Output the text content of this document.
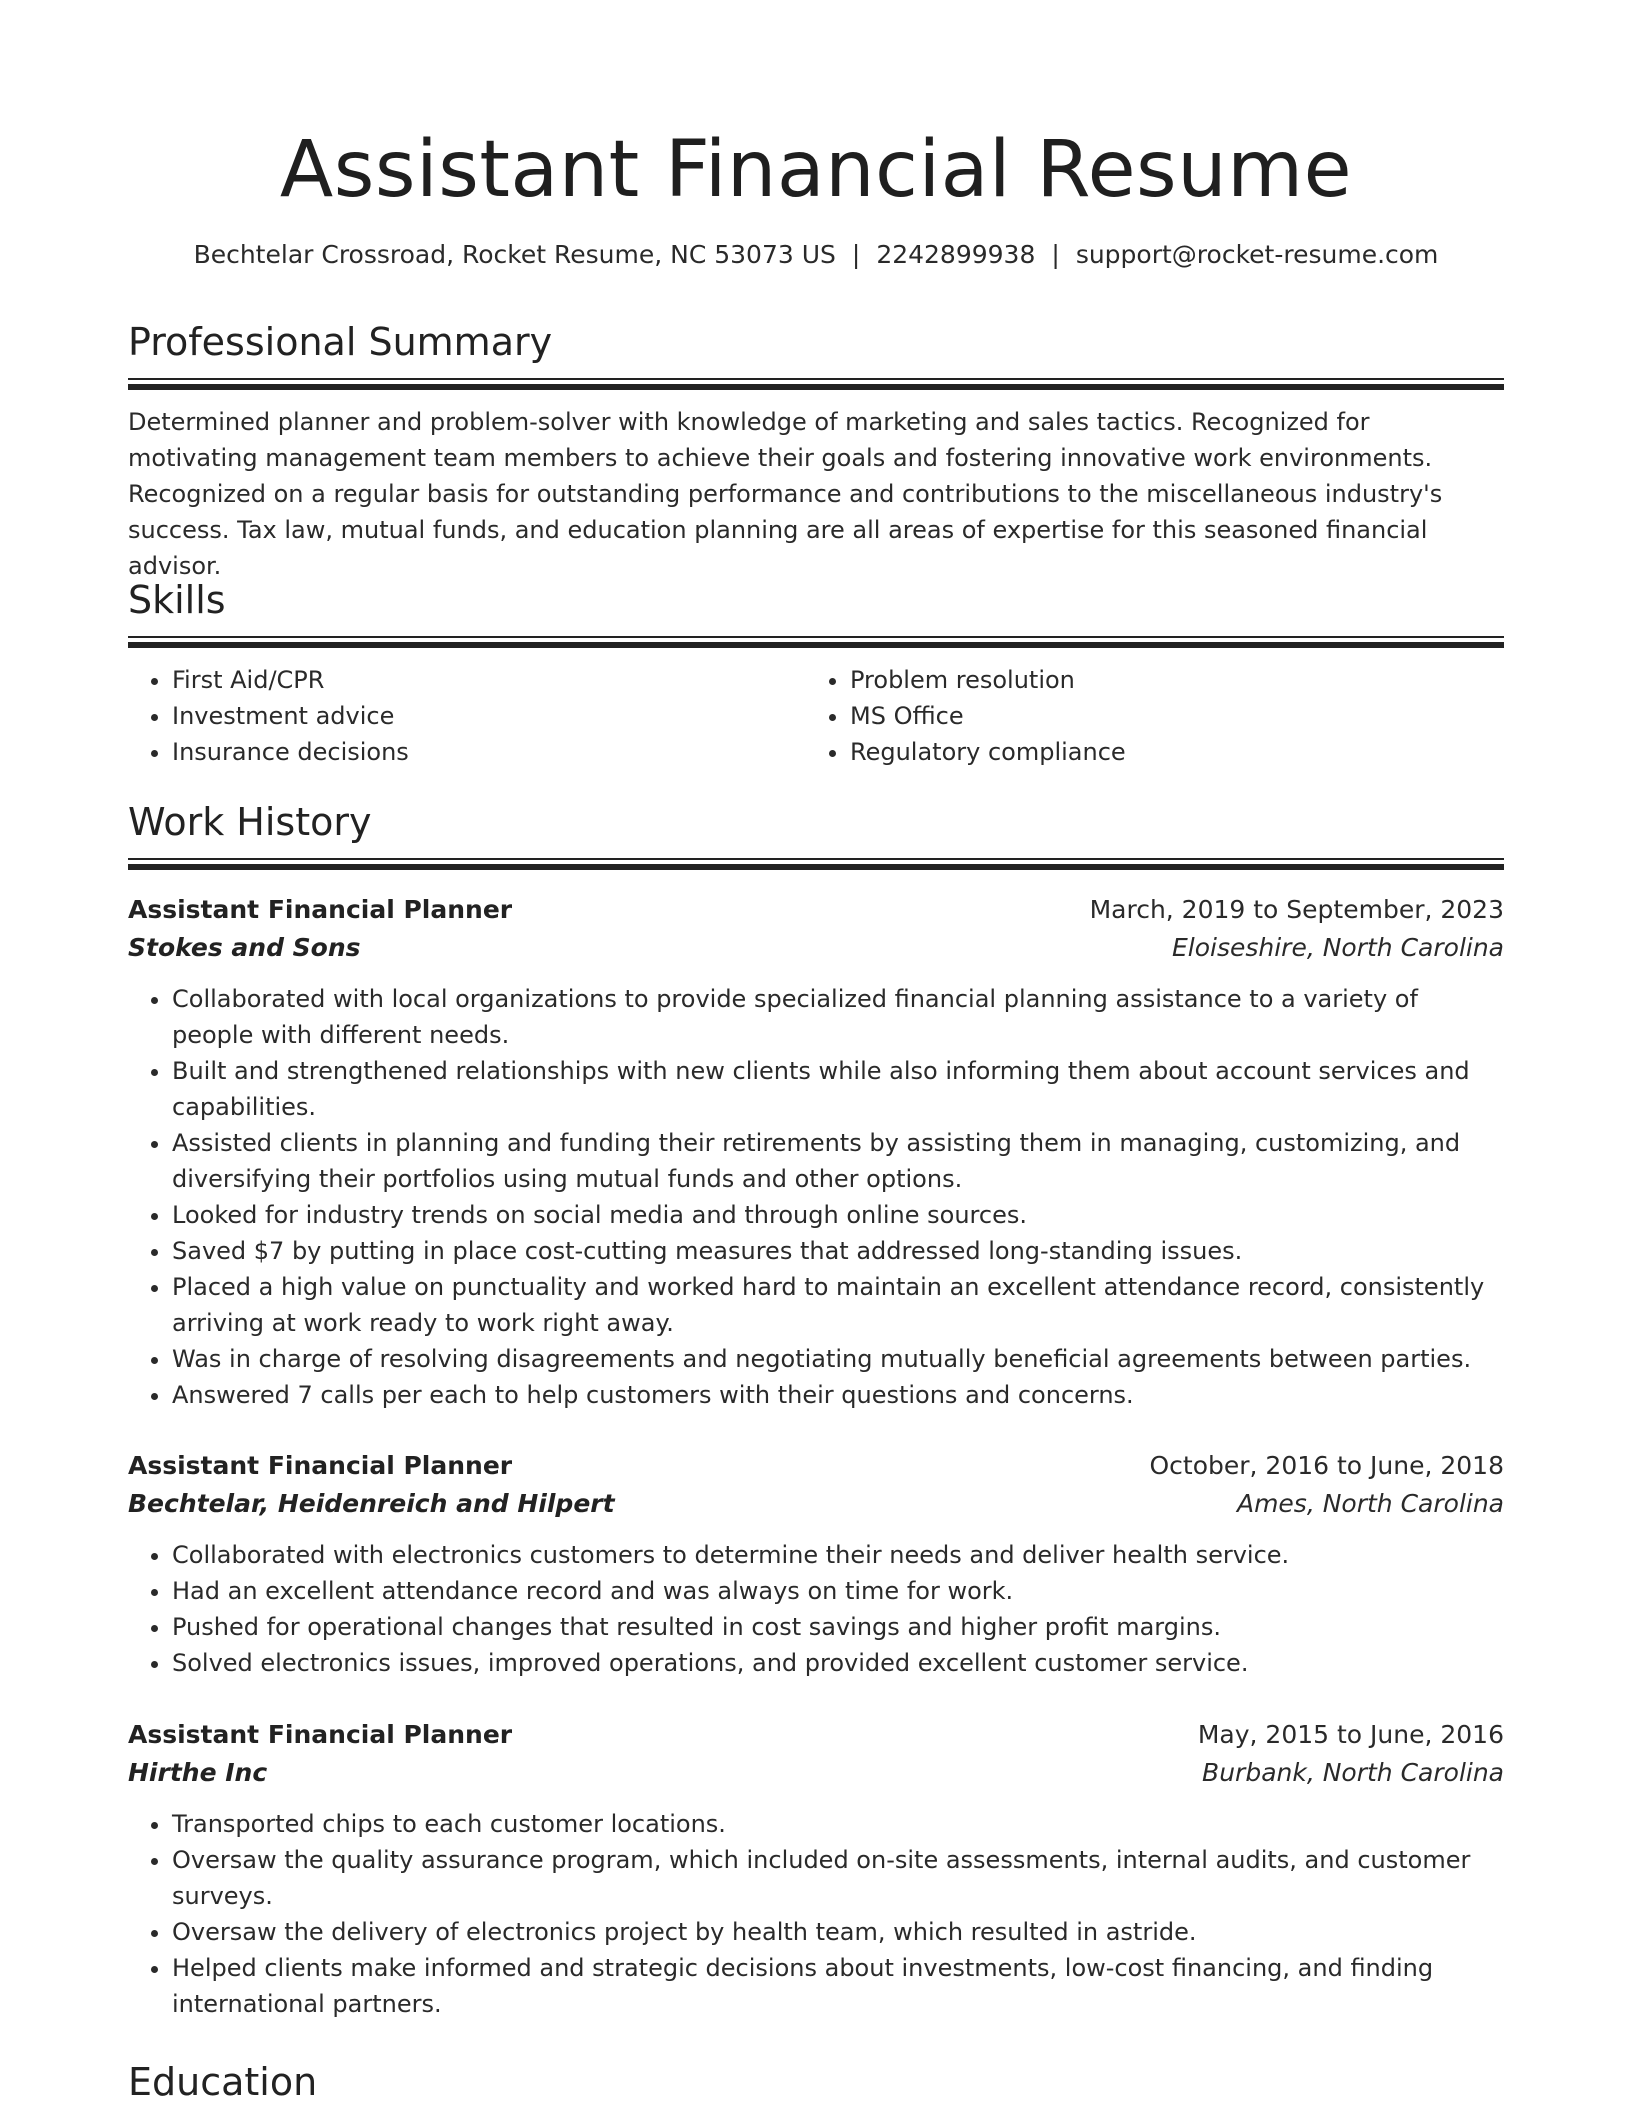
Assistant Financial Resume
Bechtelar Crossroad, Rocket Resume, NC 53073 US | 2242899938 | support@rocket-resume.com
Professional Summary
Determined planner and problem-solver with knowledge of marketing and sales tactics. Recognized for motivating management team members to achieve their goals and fostering innovative work environments. Recognized on a regular basis for outstanding performance and contributions to the miscellaneous industry's success. Tax law, mutual funds, and education planning are all areas of expertise for this seasoned financial advisor.
Skills
• First Aid/CPR
• Investment advice
• Insurance decisions
• Problem resolution
• MS Office
• Regulatory compliance
Work History
Assistant Financial Planner	March, 2019 to September, 2023
Stokes and Sons	Eloiseshire, North Carolina
• Collaborated with local organizations to provide specialized financial planning assistance to a variety of people with different needs.
• Built and strengthened relationships with new clients while also informing them about account services and capabilities.
• Assisted clients in planning and funding their retirements by assisting them in managing, customizing, and diversifying their portfolios using mutual funds and other options.
• Looked for industry trends on social media and through online sources.
• Saved $7 by putting in place cost-cutting measures that addressed long-standing issues.
• Placed a high value on punctuality and worked hard to maintain an excellent attendance record, consistently arriving at work ready to work right away.
• Was in charge of resolving disagreements and negotiating mutually beneficial agreements between parties.
• Answered 7 calls per each to help customers with their questions and concerns.
Assistant Financial Planner	October, 2016 to June, 2018
Bechtelar, Heidenreich and Hilpert	Ames, North Carolina
• Collaborated with electronics customers to determine their needs and deliver health service.
• Had an excellent attendance record and was always on time for work.
• Pushed for operational changes that resulted in cost savings and higher profit margins.
• Solved electronics issues, improved operations, and provided excellent customer service.
Assistant Financial Planner	May, 2015 to June, 2016
Hirthe Inc	Burbank, North Carolina
• Transported chips to each customer locations.
• Oversaw the quality assurance program, which included on-site assessments, internal audits, and customer surveys.
• Oversaw the delivery of electronics project by health team, which resulted in astride.
• Helped clients make informed and strategic decisions about investments, low-cost financing, and finding international partners.
Education
